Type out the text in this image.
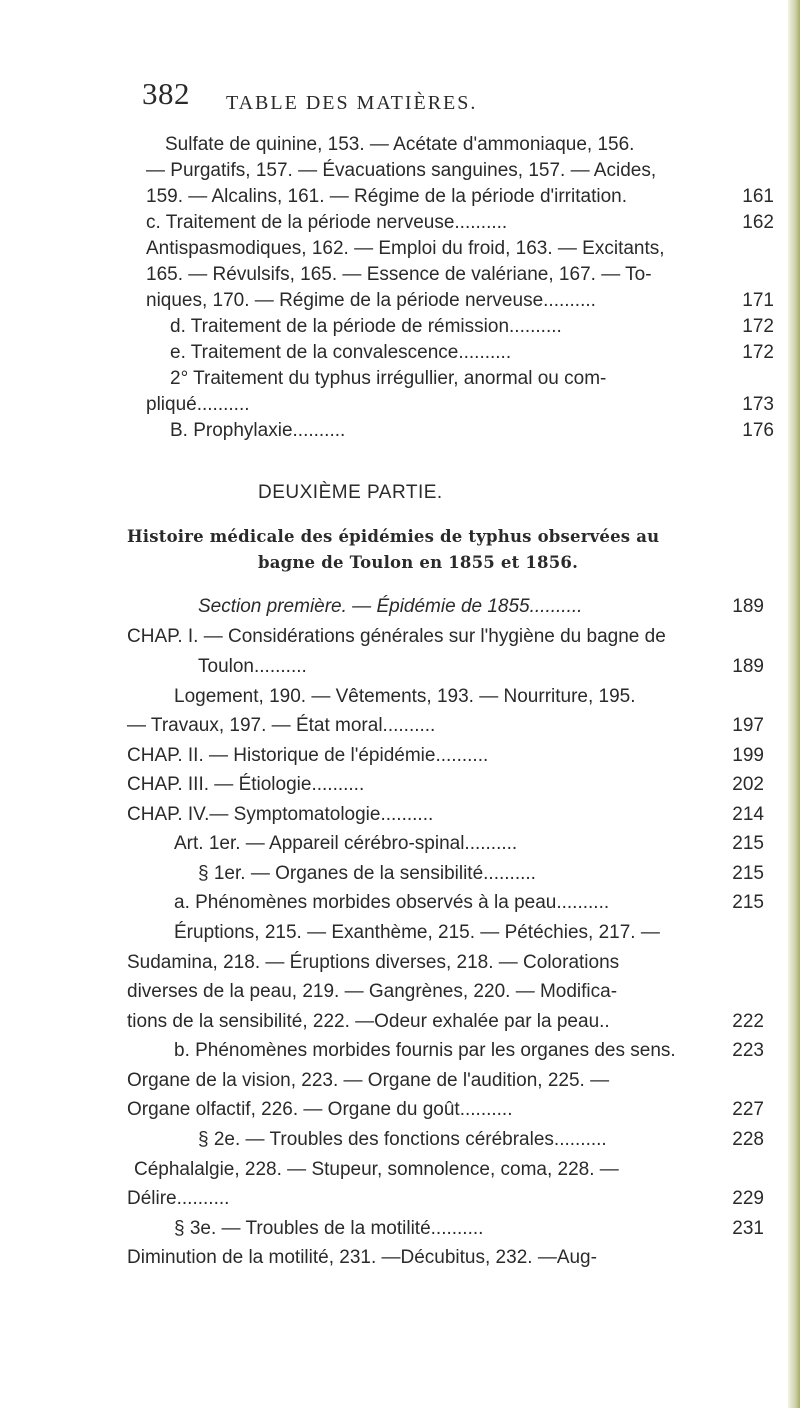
382 TABLE DES MATIÈRES.
Sulfate de quinine, 153. — Acétate d'ammoniaque, 156.
— Purgatifs, 157. — Évacuations sanguines, 157. — Acides,
159. — Alcalins, 161. — Régime de la période d'irritation.	161
c. Traitement de la période nerveuse..........	162
Antispasmodiques, 162. — Emploi du froid, 163. — Excitants,
165. — Révulsifs, 165. — Essence de valériane, 167. — To-
niques, 170. — Régime de la période nerveuse..........	171
d. Traitement de la période de rémission..........	172
e. Traitement de la convalescence..........	172
2° Traitement du typhus irrégullier, anormal ou com-
pliqué..........	173
B. Prophylaxie..........	176
DEUXIÈME PARTIE.
Histoire médicale des épidémies de typhus observées au
bagne de Toulon en 1855 et 1856.
Section première. — Épidémie de 1855..........	189
CHAP. I. — Considérations générales sur l'hygiène du bagne de
Toulon..........	189
Logement, 190. — Vêtements, 193. — Nourriture, 195.
— Travaux, 197. — État moral..........	197
CHAP. II. — Historique de l'épidémie..........	199
CHAP. III. — Étiologie..........	202
CHAP. IV.— Symptomatologie..........	214
Art. 1er. — Appareil cérébro-spinal..........	215
§ 1er. — Organes de la sensibilité..........	215
a. Phénomènes morbides observés à la peau..........	215
Éruptions, 215. — Exanthème, 215. — Pétéchies, 217. —
Sudamina, 218. — Éruptions diverses, 218. — Colorations
diverses de la peau, 219. — Gangrènes, 220. — Modifica-
tions de la sensibilité, 222. —Odeur exhalée par la peau..	222
b. Phénomènes morbides fournis par les organes des sens.	223
Organe de la vision, 223. — Organe de l'audition, 225. —
Organe olfactif, 226. — Organe du goût..........	227
§ 2e. — Troubles des fonctions cérébrales..........	228
Céphalalgie, 228. — Stupeur, somnolence, coma, 228. —
Délire..........	229
§ 3e. — Troubles de la motilité..........	231
Diminution de la motilité, 231. —Décubitus, 232. —Aug-
